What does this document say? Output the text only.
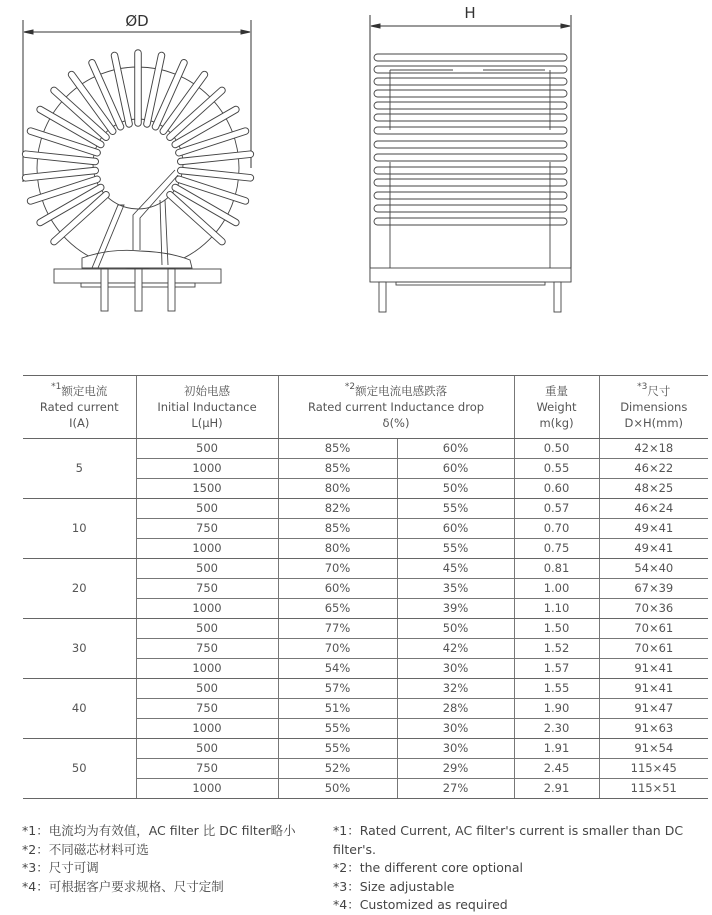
ØD	H
$^{*1}$额定电流
Rated current
I(A)	初始电感
Initial Inductance
L(μH)	$^{*2}$额定电流电感跌落
Rated current Inductance drop
δ(%)		重量
Weight
m(kg)	$^{*3}$尺寸
Dimensions
D×H(mm)
5	500	85%	60%	0.50	42×18
	1000	85%	60%	0.55	46×22
	1500	80%	50%	0.60	48×25
10	500	82%	55%	0.57	46×24
	750	85%	60%	0.70	49×41
	1000	80%	55%	0.75	49×41
20	500	70%	45%	0.81	54×40
	750	60%	35%	1.00	67×39
	1000	65%	39%	1.10	70×36
30	500	77%	50%	1.50	70×61
	750	70%	42%	1.52	70×61
	1000	54%	30%	1.57	91×41
40	500	57%	32%	1.55	91×41
	750	51%	28%	1.90	91×47
	1000	55%	30%	2.30	91×63
50	500	55%	30%	1.91	91×54
	750	52%	29%	2.45	115×45
	1000	50%	27%	2.91	115×51
*1：电流均为有效值，AC filter 比 DC filter略小
*2：不同磁芯材料可选
*3：尺寸可调
*4：可根据客户要求规格、尺寸定制
*1：Rated Current, AC filter's current is smaller than DC filter's.
*2：the different core optional
*3：Size adjustable
*4：Customized as required
